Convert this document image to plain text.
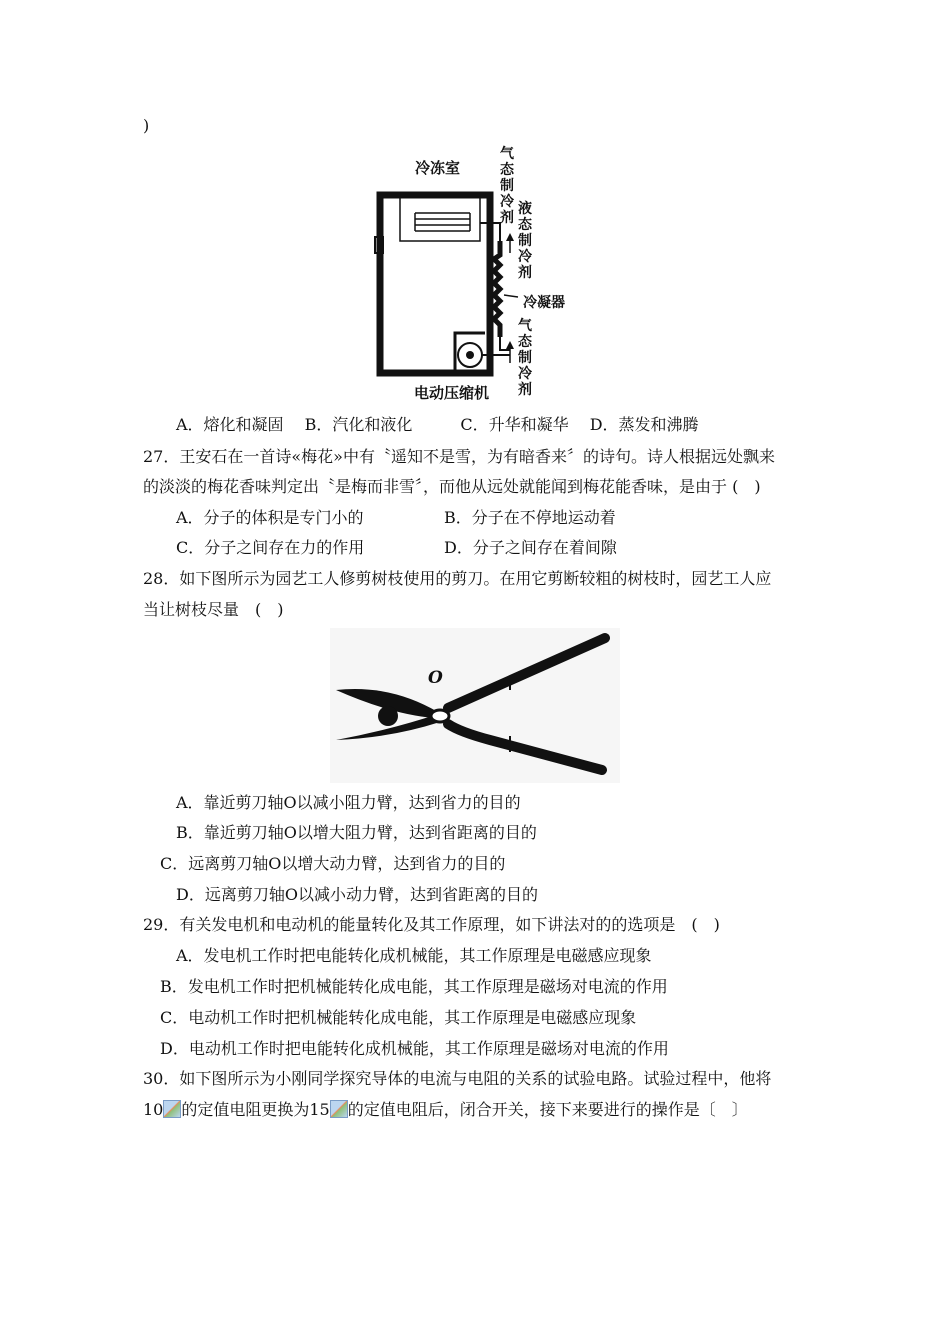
)
冷冻室
气态制冷剂
液态制冷剂
冷凝器
气态制冷剂
电动压缩机
A．熔化和凝固　 B．汽化和液化　　　C．升华和凝华　 D．蒸发和沸腾
27．王安石在一首诗«梅花»中有〝遥知不是雪，为有暗香来〞的诗句。诗人根据远处飘来
的淡淡的梅花香味判定出〝是梅而非雪〞，而他从远处就能闻到梅花能香味，是由于 (　)
A．分子的体积是专门小的	B．分子在不停地运动着
C．分子之间存在力的作用	D．分子之间存在着间隙
28．如下图所示为园艺工人修剪树枝使用的剪刀。在用它剪断较粗的树枝时，园艺工人应
当让树枝尽量　(　)
O
A．靠近剪刀轴O以减小阻力臂，达到省力的目的
B．靠近剪刀轴O以增大阻力臂，达到省距离的目的
C．远离剪刀轴O以增大动力臂，达到省力的目的
D．远离剪刀轴O以减小动力臂，达到省距离的目的
29．有关发电机和电动机的能量转化及其工作原理，如下讲法对的的选项是　(　)
A．发电机工作时把电能转化成机械能，其工作原理是电磁感应现象
B．发电机工作时把机械能转化成电能，其工作原理是磁场对电流的作用
C．电动机工作时把机械能转化成电能，其工作原理是电磁感应现象
D．电动机工作时把电能转化成机械能，其工作原理是磁场对电流的作用
30．如下图所示为小刚同学探究导体的电流与电阻的关系的试验电路。试验过程中，他将
10 的定值电阻更换为15 的定值电阻后，闭合开关，接下来要进行的操作是〔　〕
